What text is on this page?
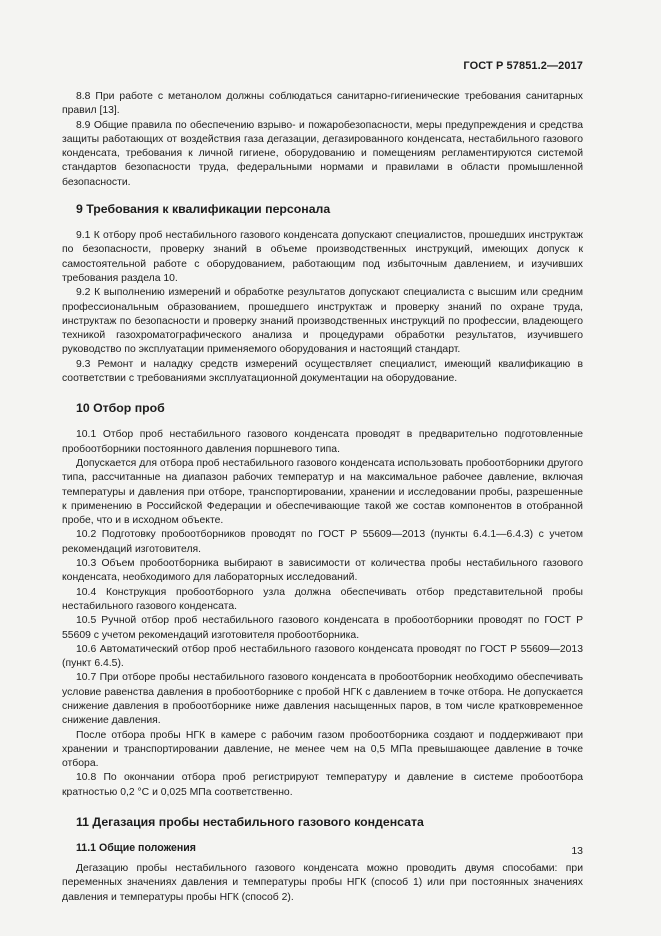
ГОСТ Р 57851.2—2017

8.8 При работе с метанолом должны соблюдаться санитарно-гигиенические требования санитарных правил [13].

8.9 Общие правила по обеспечению взрыво- и пожаробезопасности, меры предупреждения и средства защиты работающих от воздействия газа дегазации, дегазированного конденсата, нестабильного газового конденсата, требования к личной гигиене, оборудованию и помещениям регламентируются системой стандартов безопасности труда, федеральными нормами и правилами в области промышленной безопасности.

9 Требования к квалификации персонала

9.1 К отбору проб нестабильного газового конденсата допускают специалистов, прошедших инструктаж по безопасности, проверку знаний в объеме производственных инструкций, имеющих допуск к самостоятельной работе с оборудованием, работающим под избыточным давлением, и изучивших требования раздела 10.

9.2 К выполнению измерений и обработке результатов допускают специалиста с высшим или средним профессиональным образованием, прошедшего инструктаж и проверку знаний по охране труда, инструктаж по безопасности и проверку знаний производственных инструкций по профессии, владеющего техникой газохроматографического анализа и процедурами обработки результатов, изучившего руководство по эксплуатации применяемого оборудования и настоящий стандарт.

9.3 Ремонт и наладку средств измерений осуществляет специалист, имеющий квалификацию в соответствии с требованиями эксплуатационной документации на оборудование.

10 Отбор проб

10.1 Отбор проб нестабильного газового конденсата проводят в предварительно подготовленные пробоотборники постоянного давления поршневого типа.

Допускается для отбора проб нестабильного газового конденсата использовать пробоотборники другого типа, рассчитанные на диапазон рабочих температур и на максимальное рабочее давление, включая температуры и давления при отборе, транспортировании, хранении и исследовании пробы, разрешенные к применению в Российской Федерации и обеспечивающие такой же состав компонентов в отобранной пробе, что и в исходном объекте.

10.2 Подготовку пробоотборников проводят по ГОСТ Р 55609—2013 (пункты 6.4.1—6.4.3) с учетом рекомендаций изготовителя.

10.3 Объем пробоотборника выбирают в зависимости от количества пробы нестабильного газового конденсата, необходимого для лабораторных исследований.

10.4 Конструкция пробоотборного узла должна обеспечивать отбор представительной пробы нестабильного газового конденсата.

10.5 Ручной отбор проб нестабильного газового конденсата в пробоотборники проводят по ГОСТ Р 55609 с учетом рекомендаций изготовителя пробоотборника.

10.6 Автоматический отбор проб нестабильного газового конденсата проводят по ГОСТ Р 55609—2013 (пункт 6.4.5).

10.7 При отборе пробы нестабильного газового конденсата в пробоотборник необходимо обеспечивать условие равенства давления в пробоотборнике с пробой НГК с давлением в точке отбора. Не допускается снижение давления в пробоотборнике ниже давления насыщенных паров, в том числе кратковременное снижение давления.

После отбора пробы НГК в камере с рабочим газом пробоотборника создают и поддерживают при хранении и транспортировании давление, не менее чем на 0,5 МПа превышающее давление в точке отбора.

10.8 По окончании отбора проб регистрируют температуру и давление в системе пробоотбора кратностью 0,2 °С и 0,025 МПа соответственно.

11 Дегазация пробы нестабильного газового конденсата
11.1 Общие положения

Дегазацию пробы нестабильного газового конденсата можно проводить двумя способами: при переменных значениях давления и температуры пробы НГК (способ 1) или при постоянных значениях давления и температуры пробы НГК (способ 2).

13
